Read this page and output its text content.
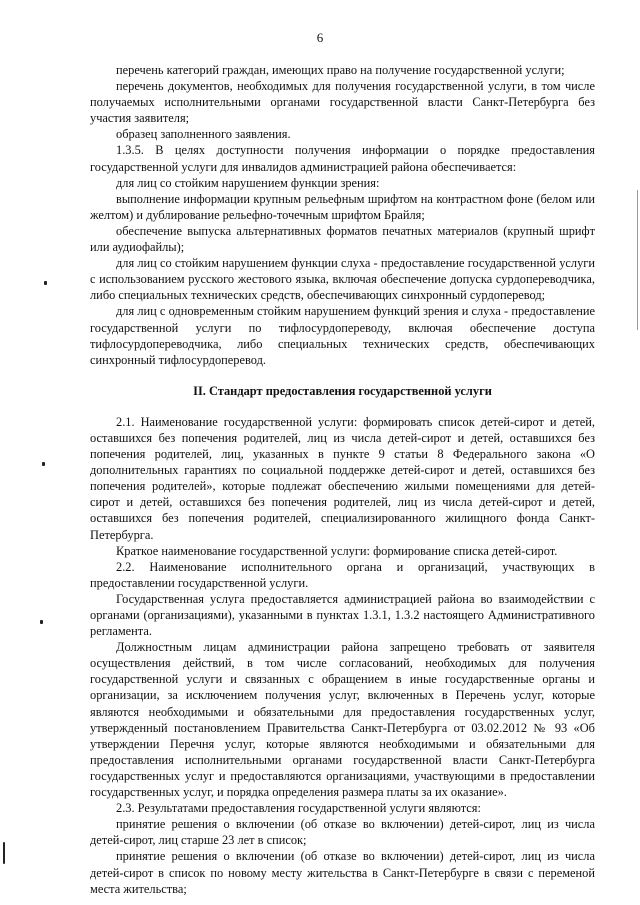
6

перечень категорий граждан, имеющих право на получение государственной услуги;

перечень документов, необходимых для получения государственной услуги, в том числе получаемых исполнительными органами государственной власти Санкт-Петербурга без участия заявителя;

образец заполненного заявления.

1.3.5. В целях доступности получения информации о порядке предоставления государственной услуги для инвалидов администрацией района обеспечивается:

для лиц со стойким нарушением функции зрения:

выполнение информации крупным рельефным шрифтом на контрастном фоне (белом или желтом) и дублирование рельефно-точечным шрифтом Брайля;

обеспечение выпуска альтернативных форматов печатных материалов (крупный шрифт или аудиофайлы);

для лиц со стойким нарушением функции слуха - предоставление государственной услуги с использованием русского жестового языка, включая обеспечение допуска сурдопереводчика, либо специальных технических средств, обеспечивающих синхронный сурдоперевод;

для лиц с одновременным стойким нарушением функций зрения и слуха - предоставление государственной услуги по тифлосурдопереводу, включая обеспечение доступа тифлосурдопереводчика, либо специальных технических средств, обеспечивающих синхронный тифлосурдоперевод.

II. Стандарт предоставления государственной услуги

2.1. Наименование государственной услуги: формировать список детей-сирот и детей, оставшихся без попечения родителей, лиц из числа детей-сирот и детей, оставшихся без попечения родителей, лиц, указанных в пункте 9 статьи 8 Федерального закона «О дополнительных гарантиях по социальной поддержке детей-сирот и детей, оставшихся без попечения родителей», которые подлежат обеспечению жилыми помещениями для детей-сирот и детей, оставшихся без попечения родителей, лиц из числа детей-сирот и детей, оставшихся без попечения родителей, специализированного жилищного фонда Санкт-Петербурга.

Краткое наименование государственной услуги: формирование списка детей-сирот.

2.2. Наименование исполнительного органа и организаций, участвующих в предоставлении государственной услуги.

Государственная услуга предоставляется администрацией района во взаимодействии с органами (организациями), указанными в пунктах 1.3.1, 1.3.2 настоящего Административного регламента.

Должностным лицам администрации района запрещено требовать от заявителя осуществления действий, в том числе согласований, необходимых для получения государственной услуги и связанных с обращением в иные государственные органы и организации, за исключением получения услуг, включенных в Перечень услуг, которые являются необходимыми и обязательными для предоставления государственных услуг, утвержденный постановлением Правительства Санкт-Петербурга от 03.02.2012 № 93 «Об утверждении Перечня услуг, которые являются необходимыми и обязательными для предоставления исполнительными органами государственной власти Санкт-Петербурга государственных услуг и предоставляются организациями, участвующими в предоставлении государственных услуг, и порядка определения размера платы за их оказание».

2.3. Результатами предоставления государственной услуги являются:

принятие решения о включении (об отказе во включении) детей-сирот, лиц из числа детей-сирот, лиц старше 23 лет в список;

принятие решения о включении (об отказе во включении) детей-сирот, лиц из числа детей-сирот в список по новому месту жительства в Санкт-Петербурге в связи с переменой места жительства;
